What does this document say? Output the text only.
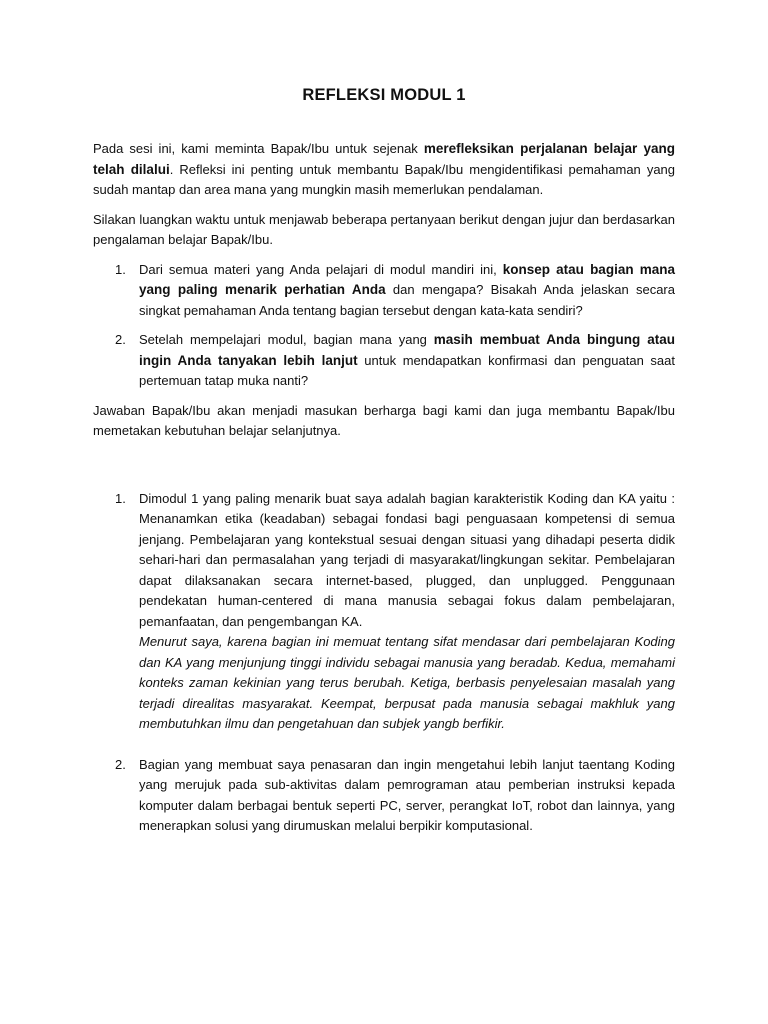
REFLEKSI MODUL 1

Pada sesi ini, kami meminta Bapak/Ibu untuk sejenak merefleksikan perjalanan belajar yang telah dilalui. Refleksi ini penting untuk membantu Bapak/Ibu mengidentifikasi pemahaman yang sudah mantap dan area mana yang mungkin masih memerlukan pendalaman.

Silakan luangkan waktu untuk menjawab beberapa pertanyaan berikut dengan jujur dan berdasarkan pengalaman belajar Bapak/Ibu.

1. Dari semua materi yang Anda pelajari di modul mandiri ini, konsep atau bagian mana yang paling menarik perhatian Anda dan mengapa? Bisakah Anda jelaskan secara singkat pemahaman Anda tentang bagian tersebut dengan kata-kata sendiri?
2. Setelah mempelajari modul, bagian mana yang masih membuat Anda bingung atau ingin Anda tanyakan lebih lanjut untuk mendapatkan konfirmasi dan penguatan saat pertemuan tatap muka nanti?

Jawaban Bapak/Ibu akan menjadi masukan berharga bagi kami dan juga membantu Bapak/Ibu memetakan kebutuhan belajar selanjutnya.

1. Dimodul 1 yang paling menarik buat saya adalah bagian karakteristik Koding dan KA yaitu : Menanamkan etika (keadaban) sebagai fondasi bagi penguasaan kompetensi di semua jenjang. Pembelajaran yang kontekstual sesuai dengan situasi yang dihadapi peserta didik sehari-hari dan permasalahan yang terjadi di masyarakat/lingkungan sekitar. Pembelajaran dapat dilaksanakan secara internet-based, plugged, dan unplugged. Penggunaan pendekatan human-centered di mana manusia sebagai fokus dalam pembelajaran, pemanfaatan, dan pengembangan KA.
Menurut saya, karena bagian ini memuat tentang sifat mendasar dari pembelajaran Koding dan KA yang menjunjung tinggi individu sebagai manusia yang beradab. Kedua, memahami konteks zaman kekinian yang terus berubah. Ketiga, berbasis penyelesaian masalah yang terjadi direalitas masyarakat. Keempat, berpusat pada manusia sebagai makhluk yang membutuhkan ilmu dan pengetahuan dan subjek yangb berfikir.
2. Bagian yang membuat saya penasaran dan ingin mengetahui lebih lanjut taentang Koding yang merujuk pada sub-aktivitas dalam pemrograman atau pemberian instruksi kepada komputer dalam berbagai bentuk seperti PC, server, perangkat IoT, robot dan lainnya, yang menerapkan solusi yang dirumuskan melalui berpikir komputasional.
